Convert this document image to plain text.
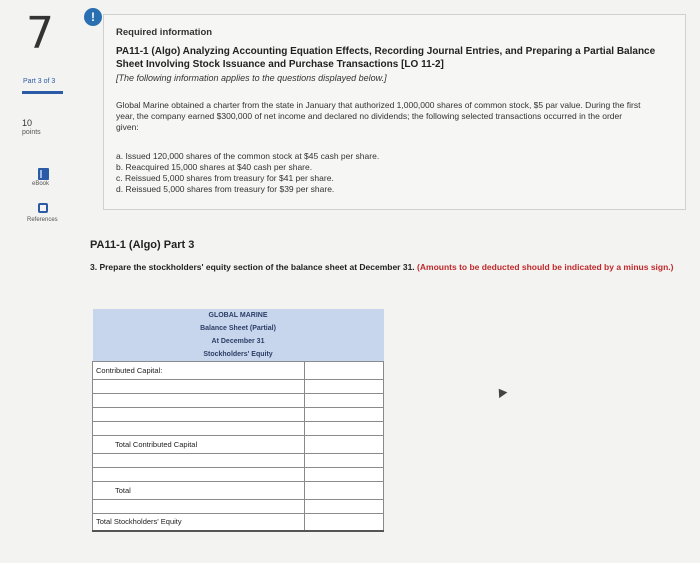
7
Part 3 of 3
10
points
eBook
References
!
Required information
PA11-1 (Algo) Analyzing Accounting Equation Effects, Recording Journal Entries, and Preparing a Partial Balance Sheet Involving Stock Issuance and Purchase Transactions [LO 11-2]
[The following information applies to the questions displayed below.]
Global Marine obtained a charter from the state in January that authorized 1,000,000 shares of common stock, $5 par value. During the first year, the company earned $300,000 of net income and declared no dividends; the following selected transactions occurred in the order given:
a. Issued 120,000 shares of the common stock at $45 cash per share.
b. Reacquired 15,000 shares at $40 cash per share.
c. Reissued 5,000 shares from treasury for $41 per share.
d. Reissued 5,000 shares from treasury for $39 per share.
PA11-1 (Algo) Part 3
3. Prepare the stockholders' equity section of the balance sheet at December 31. (Amounts to be deducted should be indicated by a minus sign.)
GLOBAL MARINE	
Balance Sheet (Partial)	
At December 31	
Stockholders' Equity	
Contributed Capital:	

Total Contributed Capital	

Total	

Total Stockholders' Equity	
